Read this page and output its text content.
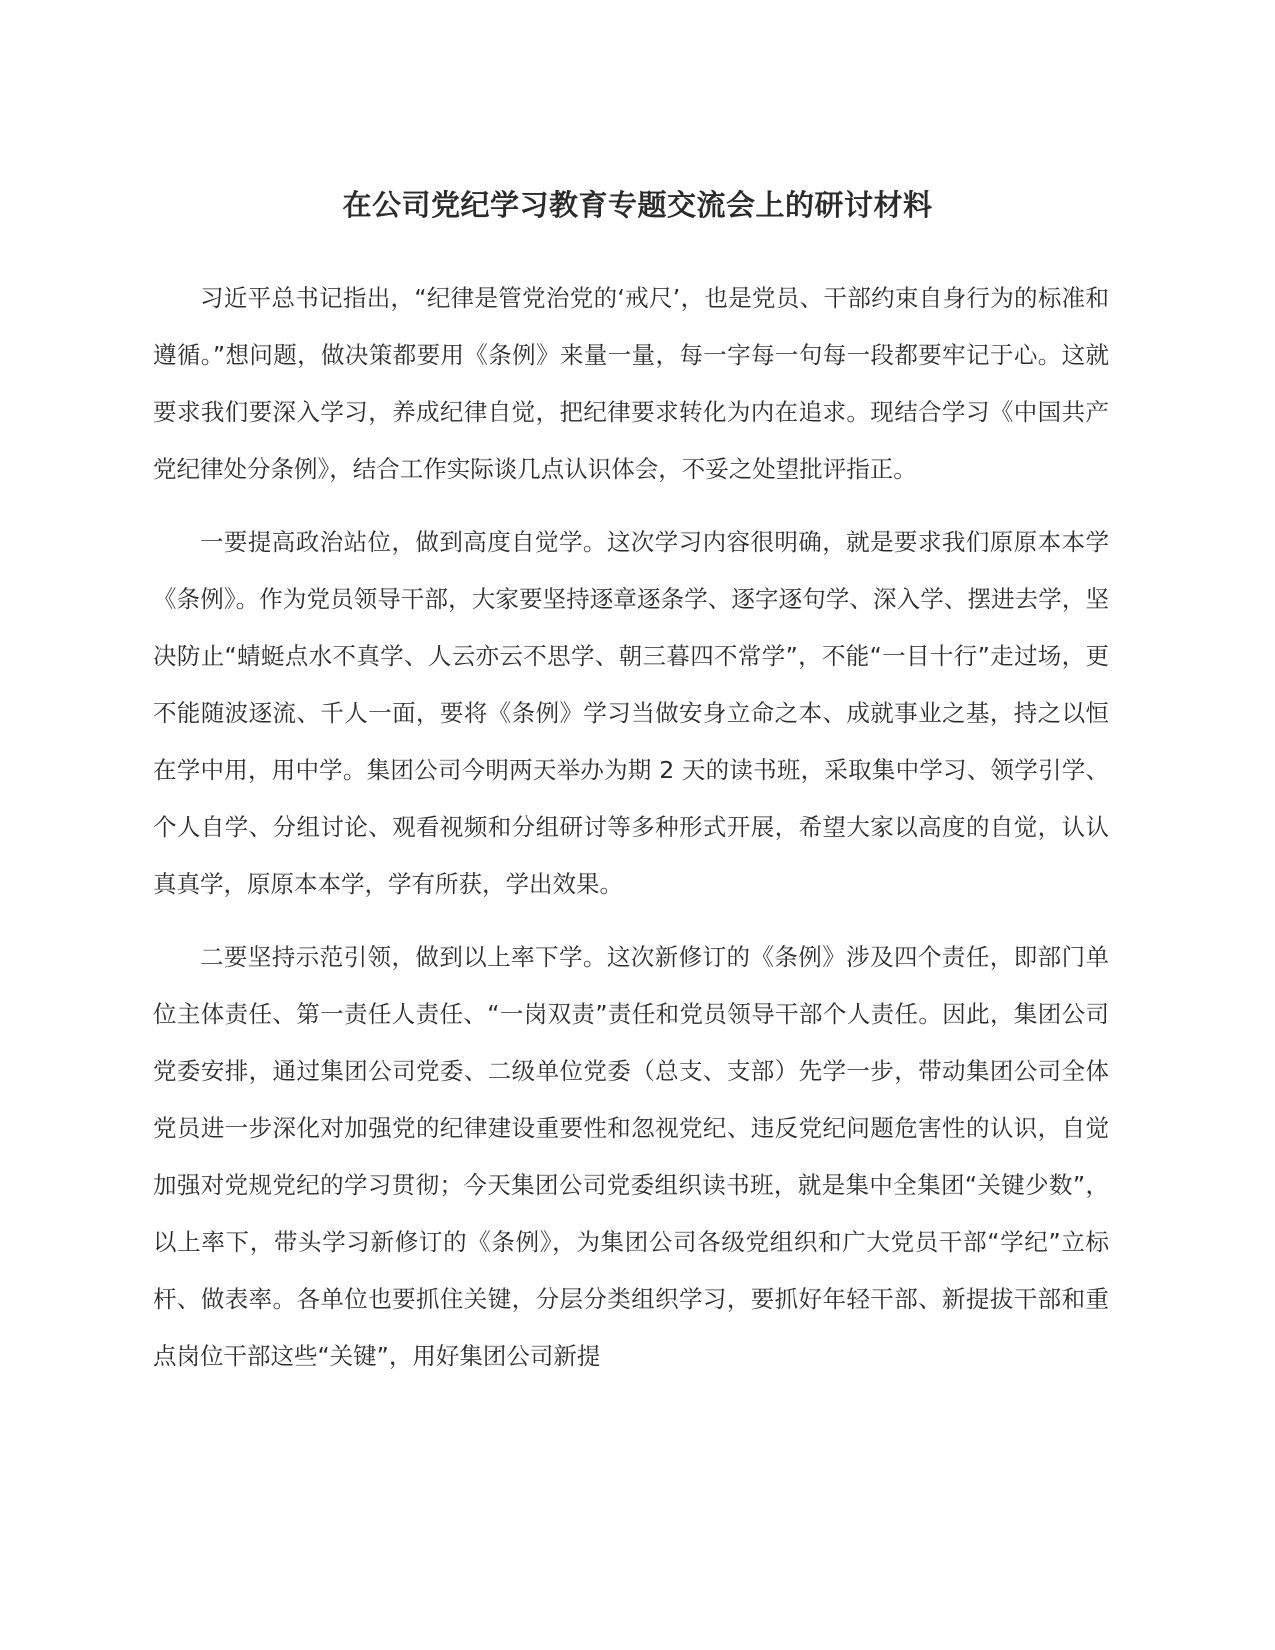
在公司党纪学习教育专题交流会上的研讨材料

习近平总书记指出，“纪律是管党治党的‘戒尺’，也是党员、干部约束自身行为的标准和遵循。”想问题，做决策都要用《条例》来量一量，每一字每一句每一段都要牢记于心。这就要求我们要深入学习，养成纪律自觉，把纪律要求转化为内在追求。现结合学习《中国共产党纪律处分条例》，结合工作实际谈几点认识体会，不妥之处望批评指正。

一要提高政治站位，做到高度自觉学。这次学习内容很明确，就是要求我们原原本本学《条例》。作为党员领导干部，大家要坚持逐章逐条学、逐字逐句学、深入学、摆进去学，坚决防止“蜻蜓点水不真学、人云亦云不思学、朝三暮四不常学”，不能“一目十行”走过场，更不能随波逐流、千人一面，要将《条例》学习当做安身立命之本、成就事业之基，持之以恒在学中用，用中学。集团公司今明两天举办为期 2 天的读书班，采取集中学习、领学引学、个人自学、分组讨论、观看视频和分组研讨等多种形式开展，希望大家以高度的自觉，认认真真学，原原本本学，学有所获，学出效果。

二要坚持示范引领，做到以上率下学。这次新修订的《条例》涉及四个责任，即部门单位主体责任、第一责任人责任、“一岗双责”责任和党员领导干部个人责任。因此，集团公司党委安排，通过集团公司党委、二级单位党委（总支、支部）先学一步，带动集团公司全体党员进一步深化对加强党的纪律建设重要性和忽视党纪、违反党纪问题危害性的认识，自觉加强对党规党纪的学习贯彻；今天集团公司党委组织读书班，就是集中全集团“关键少数”，以上率下，带头学习新修订的《条例》，为集团公司各级党组织和广大党员干部“学纪”立标杆、做表率。各单位也要抓住关键，分层分类组织学习，要抓好年轻干部、新提拔干部和重点岗位干部这些“关键”，用好集团公司新提
